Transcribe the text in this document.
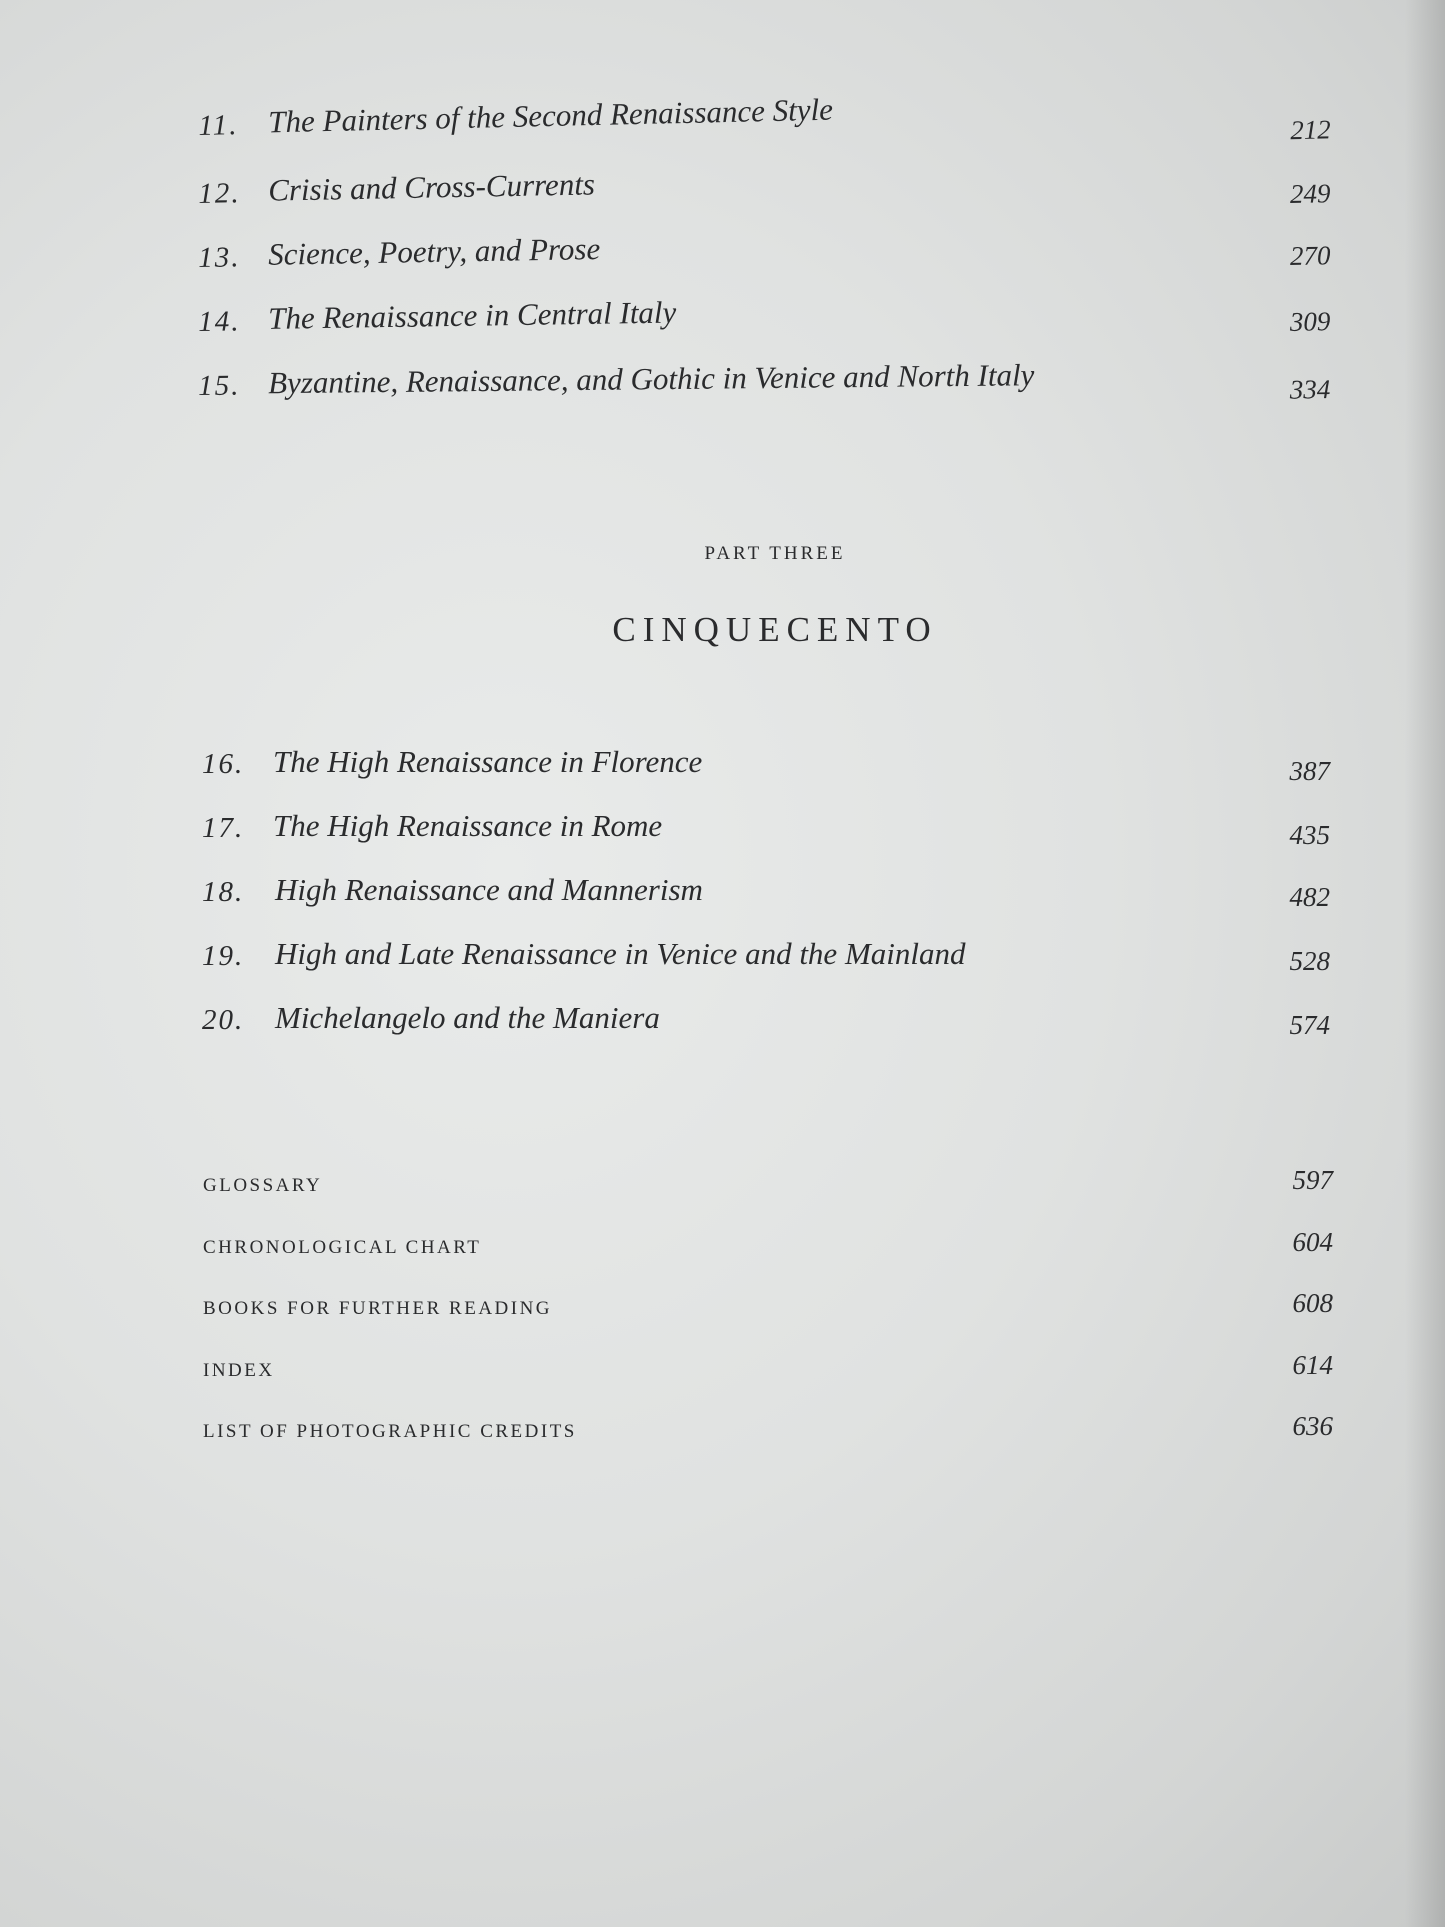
11. The Painters of the Second Renaissance Style	212
12. Crisis and Cross-Currents	249
13. Science, Poetry, and Prose	270
14. The Renaissance in Central Italy	309
15. Byzantine, Renaissance, and Gothic in Venice and North Italy	334
PART THREE
CINQUECENTO
16. The High Renaissance in Florence	387
17. The High Renaissance in Rome	435
18. High Renaissance and Mannerism	482
19. High and Late Renaissance in Venice and the Mainland	528
20. Michelangelo and the Maniera	574
GLOSSARY	597
CHRONOLOGICAL CHART	604
BOOKS FOR FURTHER READING	608
INDEX	614
LIST OF PHOTOGRAPHIC CREDITS	636
